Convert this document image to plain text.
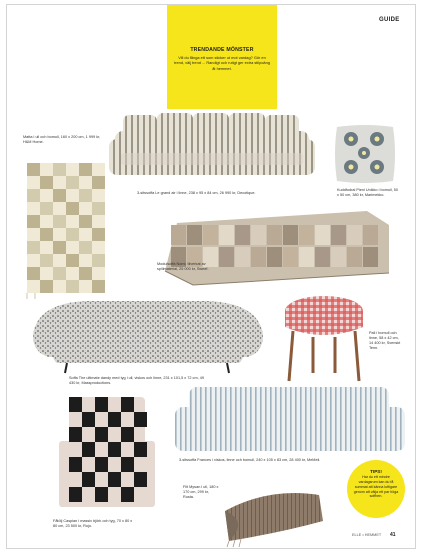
GUIDE
TRENDANDE MÖNSTER

Vill du fånga ett som sticker ut mot vardag? Gör en trend, välj trend ... Randigt och rutigt ger extra stilpoäng åt hemmet.

3-sitssoffa Le grand air i linne, 238 x 95 x 84 cm, 26 990 kr, Decotique.
Kuddfodral Pieni Unikko i bomull, 50 x 50 cm, 380 kr, Marimekko.
Matta i ull och bomull, 160 x 200 cm, 1 999 kr, H&M Home.
Modulsoffa Nomi, tilverkat av spillmaterial, 25 000 kr, Sweef.
Soffa The ultimate dandy med tyg i ull, viskos och linne, 231 x 101,5 x 72 cm, 49 430 kr, Massproductions.
Pall i bomull och linne, 58 x 42 cm, 14 400 kr, Svenskt Tenn.
Fåtölj Caspian i massiv björk och tyg, 70 x 80 x 80 cm, 23 500 kr, Rojo.
3-sitssoffa Frances i viskos, linne och bomull, 240 x 105 x 83 cm, 28 400 kr, MeMeli.
Filt Mysan i ull, 180 x 170 cm, 299 kr, Rusta.
TIPS!
Har du ett mindre vardagsrum kan du få summat att känna luftigare genom att välja ett par höga soffben.
ELLE • HEMMET 41
